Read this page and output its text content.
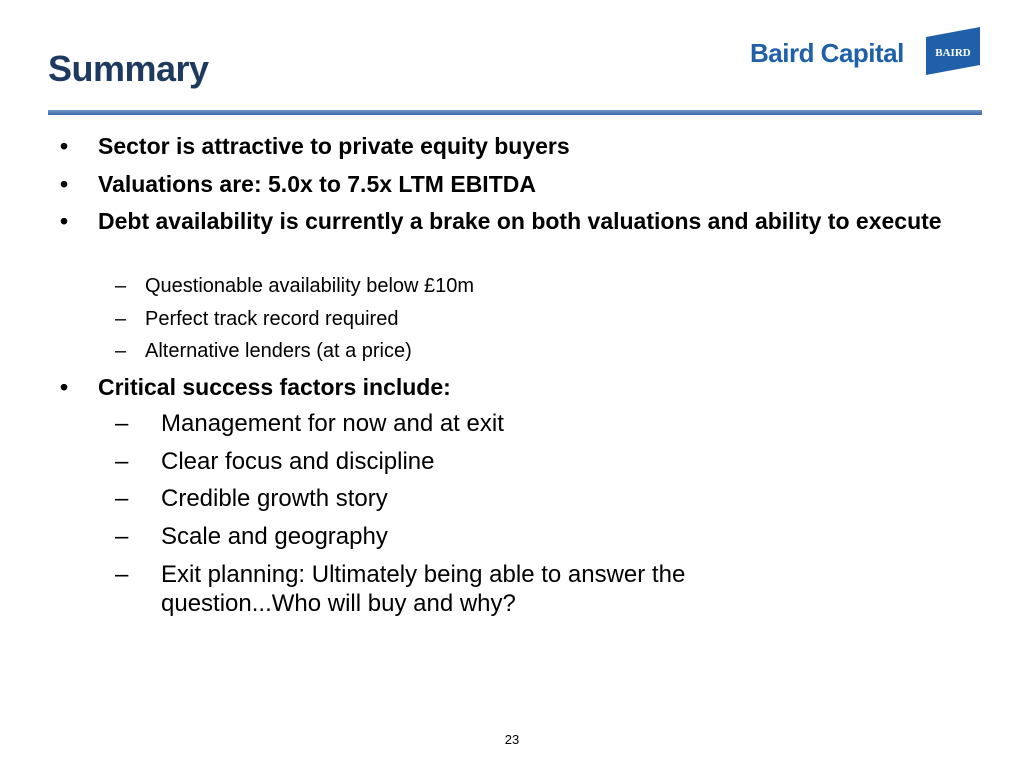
Summary	Baird Capital	BAIRD
• Sector is attractive to private equity buyers
• Valuations are: 5.0x to 7.5x LTM EBITDA
• Debt availability is currently a brake on both valuations and ability to execute
– Questionable availability below £10m
– Perfect track record required
– Alternative lenders (at a price)
• Critical success factors include:
– Management for now and at exit
– Clear focus and discipline
– Credible growth story
– Scale and geography
– Exit planning: Ultimately being able to answer the question...Who will buy and why?
23
